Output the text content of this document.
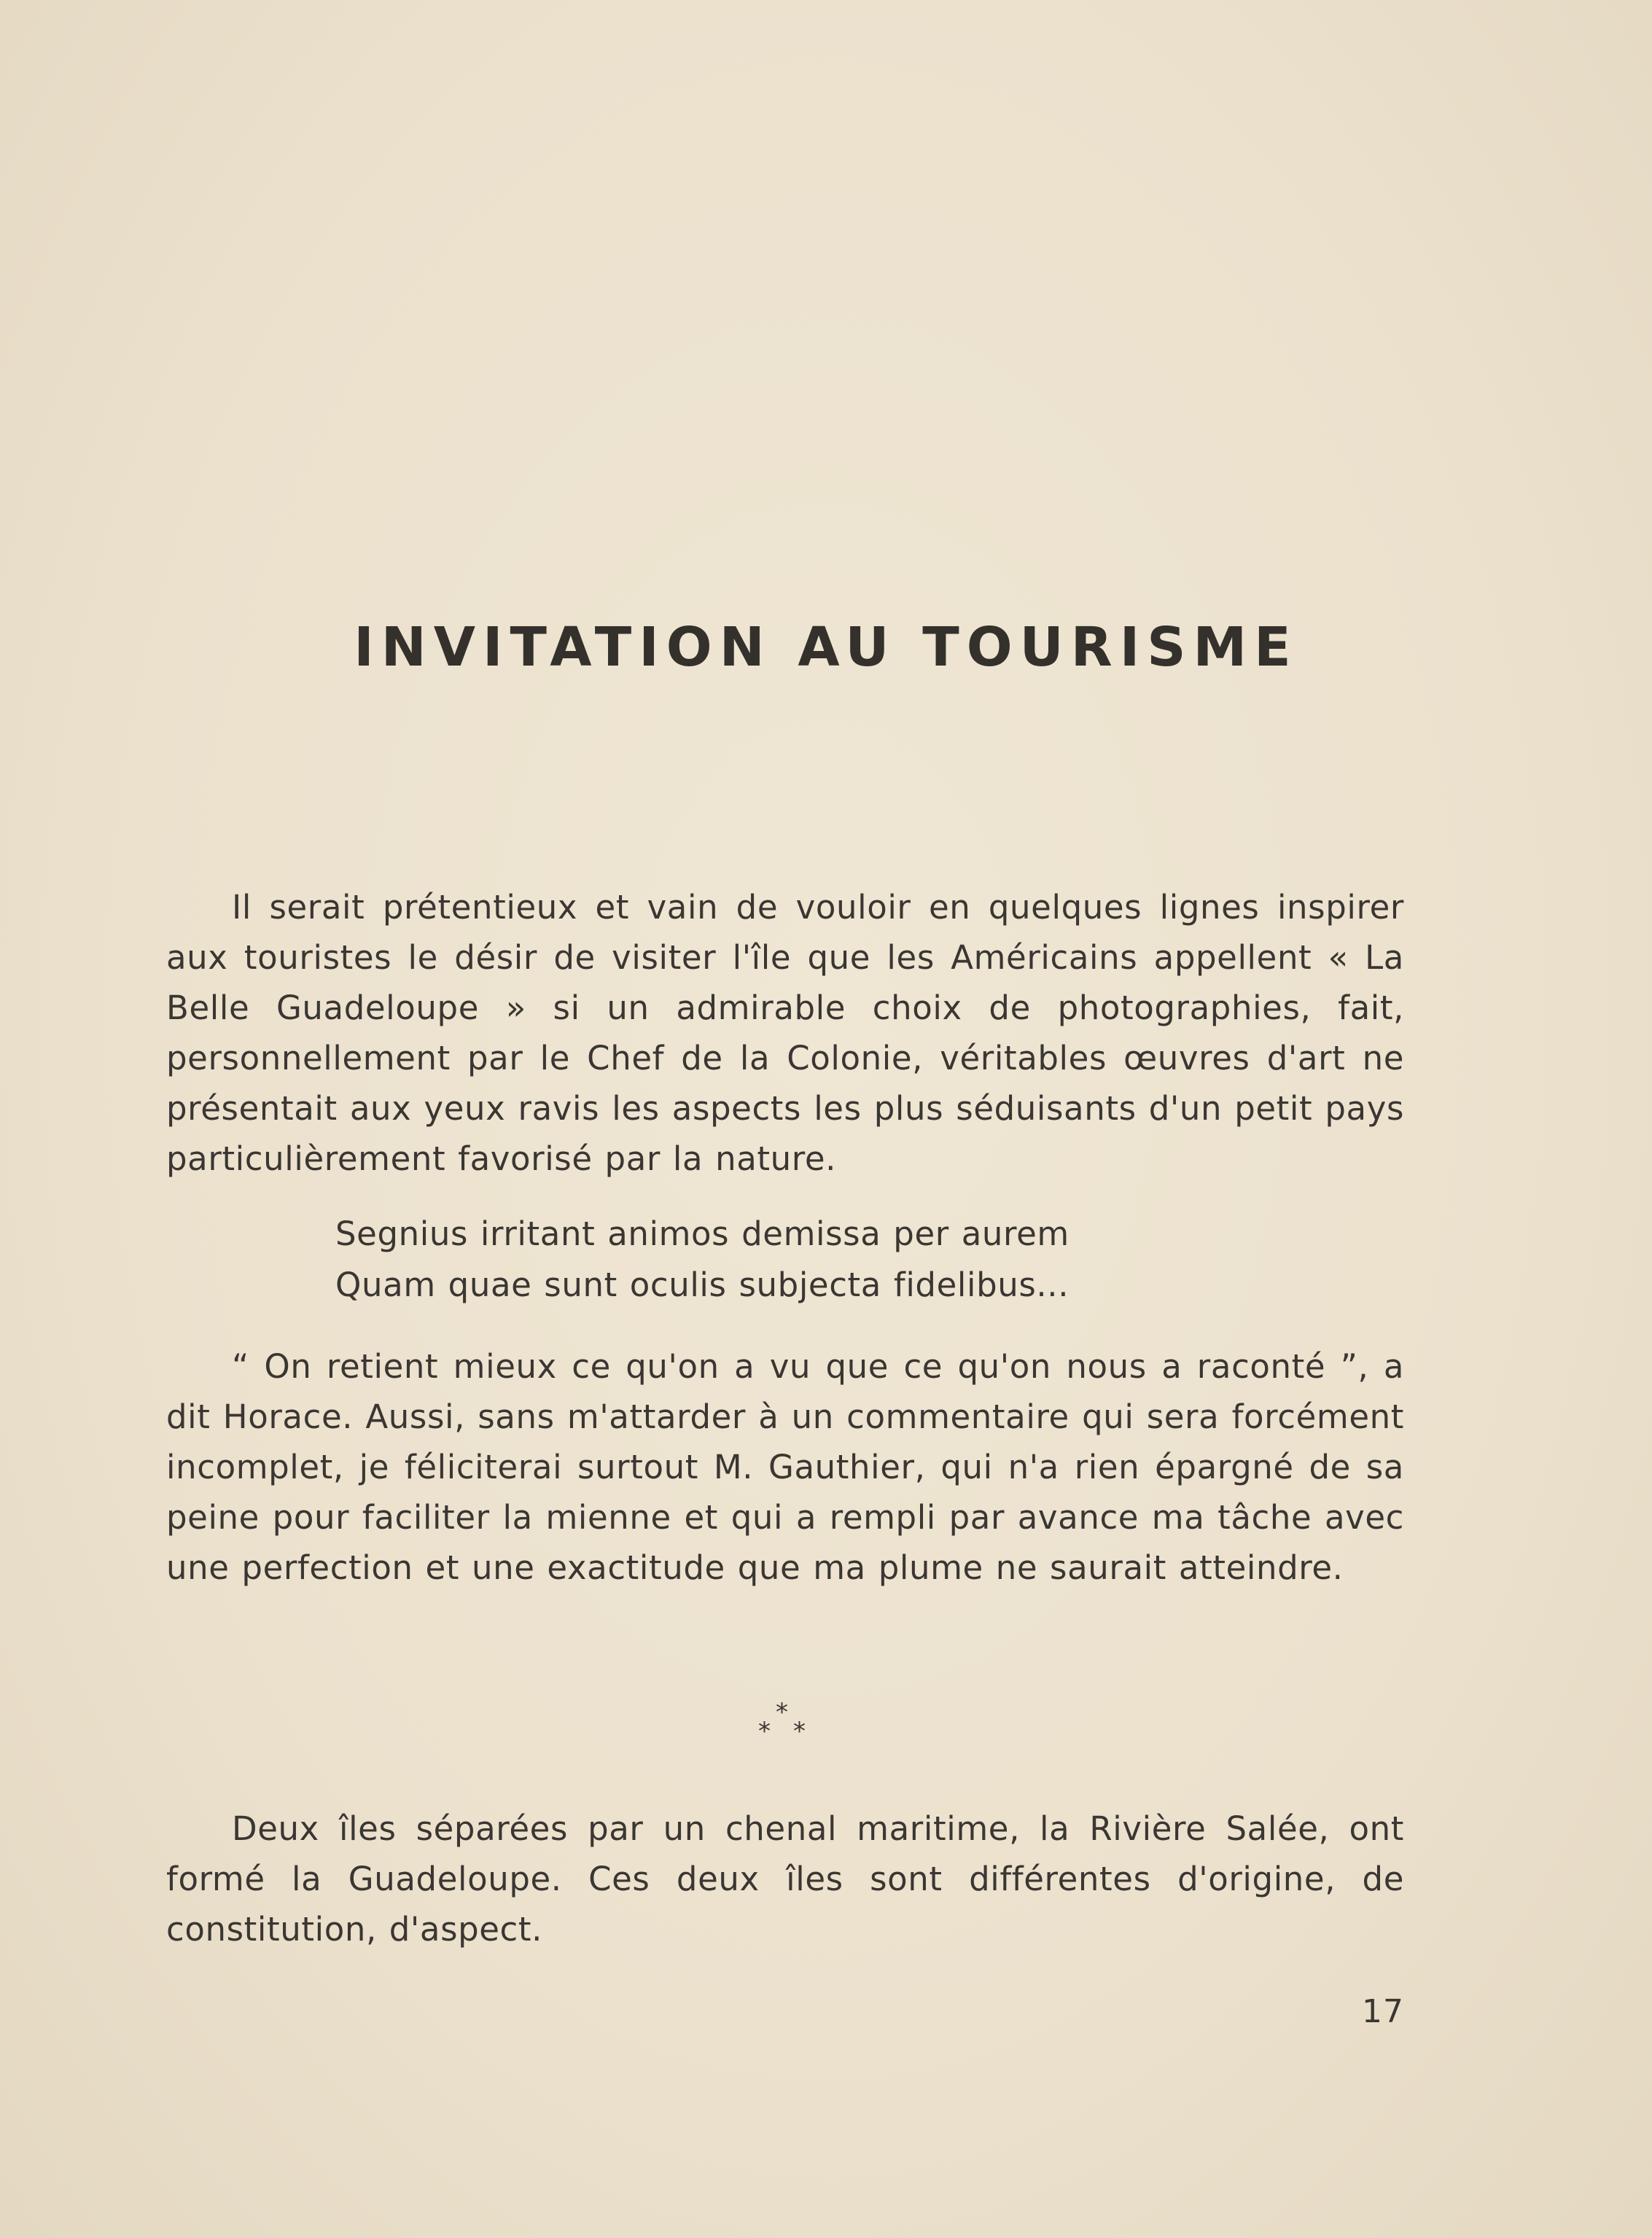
INVITATION AU TOURISME

Il serait prétentieux et vain de vouloir en quelques lignes inspirer aux touristes le désir de visiter l'île que les Américains appellent « La Belle Guadeloupe » si un admirable choix de photographies, fait, personnellement par le Chef de la Colonie, véritables œuvres d'art ne présentait aux yeux ravis les aspects les plus séduisants d'un petit pays particulièrement favorisé par la nature.

Segnius irritant animos demissa per aurem
Quam quae sunt oculis subjecta fidelibus...

“ On retient mieux ce qu'on a vu que ce qu'on nous a raconté ”, a dit Horace. Aussi, sans m'attarder à un commentaire qui sera forcément incomplet, je féliciterai surtout M. Gauthier, qui n'a rien épargné de sa peine pour faciliter la mienne et qui a rempli par avance ma tâche avec une perfection et une exactitude que ma plume ne saurait atteindre.

*
* *

Deux îles séparées par un chenal maritime, la Rivière Salée, ont formé la Guadeloupe. Ces deux îles sont différentes d'origine, de constitution, d'aspect.

17
